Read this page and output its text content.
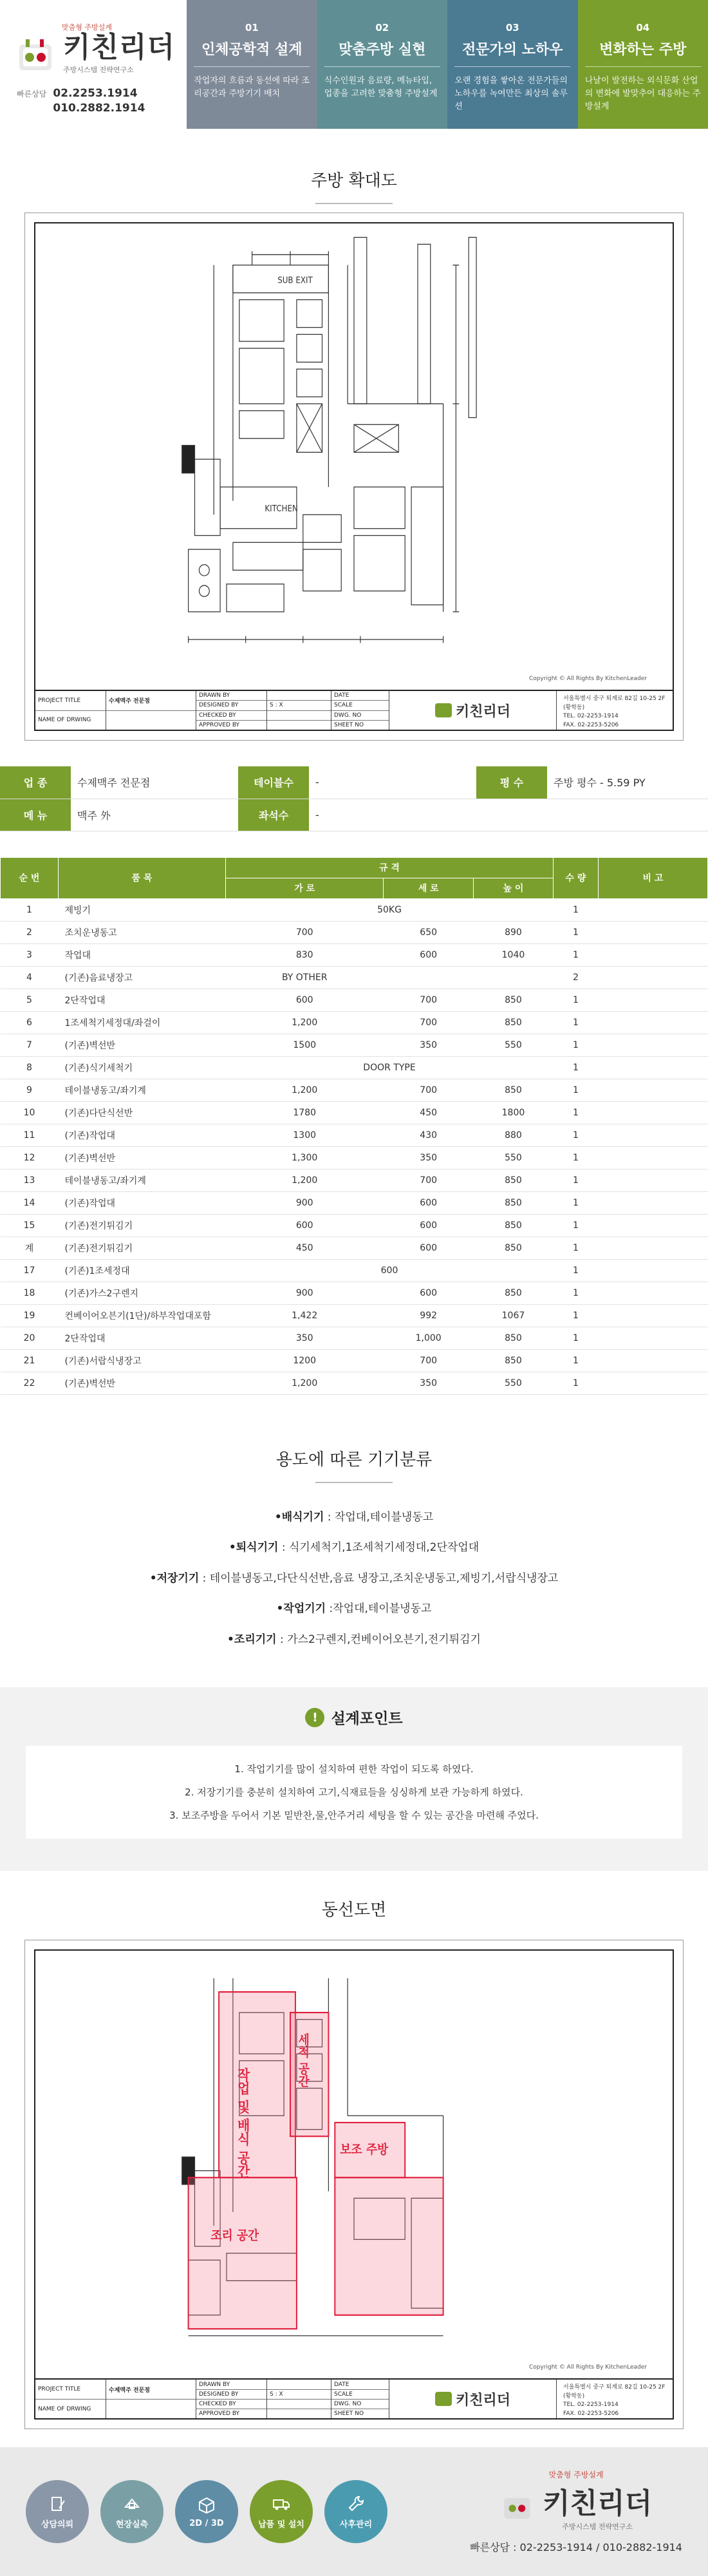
맞춤형 주방설계
키친리더
주방시스템 전략연구소
빠른상담 02.2253.1914
010.2882.1914
01
인체공학적 설계
작업자의 흐름과 동선에 따라 조리공간과 주방기기 배치
02
맞춤주방 실현
식수인원과 음료량, 메뉴타입, 업종을 고려한 맞춤형 주방설계
03
전문가의 노하우
오랜 경험을 쌓아온 전문가들의 노하우를 녹여만든 최상의 솔루션
04
변화하는 주방
나날이 발전하는 외식문화 산업의 변화에 발맞추어 대응하는 주방설계
주방 확대도
SUB EXIT
KITCHEN
Copyright © All Rights By KitchenLeader
PROJECT TITLE
NAME OF DRWING
수제맥주 전문점
DRAWN BY
DESIGNED BY
CHECKED BY
APPROVED BY
S : X
DATE
SCALE
DWG. NO
SHEET NO
키친리더
서울특별시 중구 퇴계로 82길 10-25 2F (황학동)
TEL. 02-2253-1914
FAX. 02-2253-5206
업 종	수제맥주 전문점	테이블수	-	평 수	주방 평수 - 5.59 PY
메 뉴	맥주 外	좌석수	-		
순 번	품 목	규 격			수 량	비 고
		가 로	세 로	높 이		
1	제빙기	50KG			1	
2	조치운냉동고	700	650	890	1	
3	작업대	830	600	1040	1	
4	(기존)음료냉장고	BY OTHER			2	
5	2단작업대	600	700	850	1	
6	1조세척기세정대/좌걸이	1,200	700	850	1	
7	(기존)벽선반	1500	350	550	1	
8	(기존)식기세척기	DOOR TYPE			1	
9	테이블냉동고/좌기계	1,200	700	850	1	
10	(기존)다단식선반	1780	450	1800	1	
11	(기존)작업대	1300	430	880	1	
12	(기존)벽선반	1,300	350	550	1	
13	테이블냉동고/좌기계	1,200	700	850	1	
14	(기존)작업대	900	600	850	1	
15	(기존)전기튀김기	600	600	850	1	
계	(기존)전기튀김기	450	600	850	1	
17	(기존)1조세정대	600			1	
18	(기존)가스2구렌지	900	600	850	1	
19	컨베이어오븐기(1단)/하부작업대포함	1,422	992	1067	1	
20	2단작업대	350	1,000	850	1	
21	(기존)서랍식냉장고	1200	700	850	1	
22	(기존)벽선반	1,200	350	550	1	
용도에 따른 기기분류
• 배식기기 : 작업대,테이블냉동고
• 퇴식기기 : 식기세척기,1조세척기세정대,2단작업대
• 저장기기 : 테이블냉동고,다단식선반,음료 냉장고,조치운냉동고,제빙기,서랍식냉장고
• 작업기기 :작업대,테이블냉동고
• 조리기기 : 가스2구렌지,컨베이어오븐기,전기튀김기
! 설계포인트
1. 작업기기를 많이 설치하여 편한 작업이 되도록 하였다.
2. 저장기기를 충분히 설치하여 고기,식재료들을 싱싱하게 보관 가능하게 하였다.
3. 보조주방을 두어서 기본 밑반찬,물,안주거리 세팅을 할 수 있는 공간을 마련해 주었다.
동선도면
작업 및 배식 공간
세척 공간
보조 주방
조리 공간
Copyright © All Rights By KitchenLeader
PROJECT TITLE
NAME OF DRWING
수제맥주 전문점
DRAWN BY
DESIGNED BY
CHECKED BY
APPROVED BY
S : X
DATE
SCALE
DWG. NO
SHEET NO
키친리더
서울특별시 중구 퇴계로 82길 10-25 2F (황학동)
TEL. 02-2253-1914
FAX. 02-2253-5206
상담의뢰	현장실측	2D / 3D	납품 및 설치	사후관리
맞춤형 주방설계
키친리더
주방시스템 전략연구소
빠른상담 : 02-2253-1914 / 010-2882-1914
